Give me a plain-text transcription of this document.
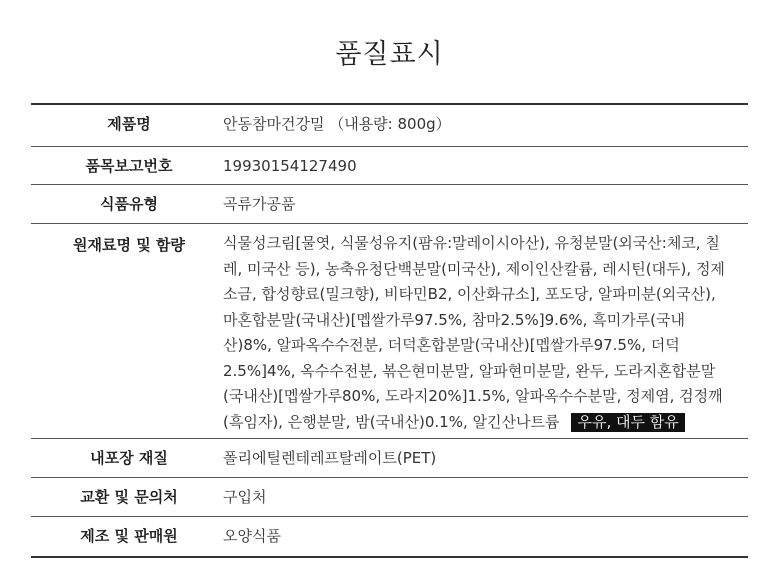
품질표시
제품명	안동참마건강밀 （내용량: 800g）

품목보고번호	19930154127490

식품유형	곡류가공품

원재료명 및 함량	식물성크림[물엿, 식물성유지(팜유:말레이시아산), 유청분말(외국산:체코, 칠레, 미국산 등), 농축유청단백분말(미국산), 제이인산칼륨, 레시틴(대두), 정제소금, 합성향료(밀크향), 비타민B2, 이산화규소], 포도당, 알파미분(외국산), 마혼합분말(국내산)[멥쌀가루97.5%, 참마2.5%]9.6%, 흑미가루(국내산)8%, 알파옥수수전분, 더덕혼합분말(국내산)[멥쌀가루97.5%, 더덕2.5%]4%, 옥수수전분, 볶은현미분말, 알파현미분말, 완두, 도라지혼합분말(국내산)[멥쌀가루80%, 도라지20%]1.5%, 알파옥수수분말, 정제염, 검정깨(흑임자), 은행분말, 밤(국내산)0.1%, 알긴산나트륨 우유, 대두 함유

내포장 재질	폴리에틸렌테레프탈레이트(PET)

교환 및 문의처	구입처

제조 및 판매원	오양식품
